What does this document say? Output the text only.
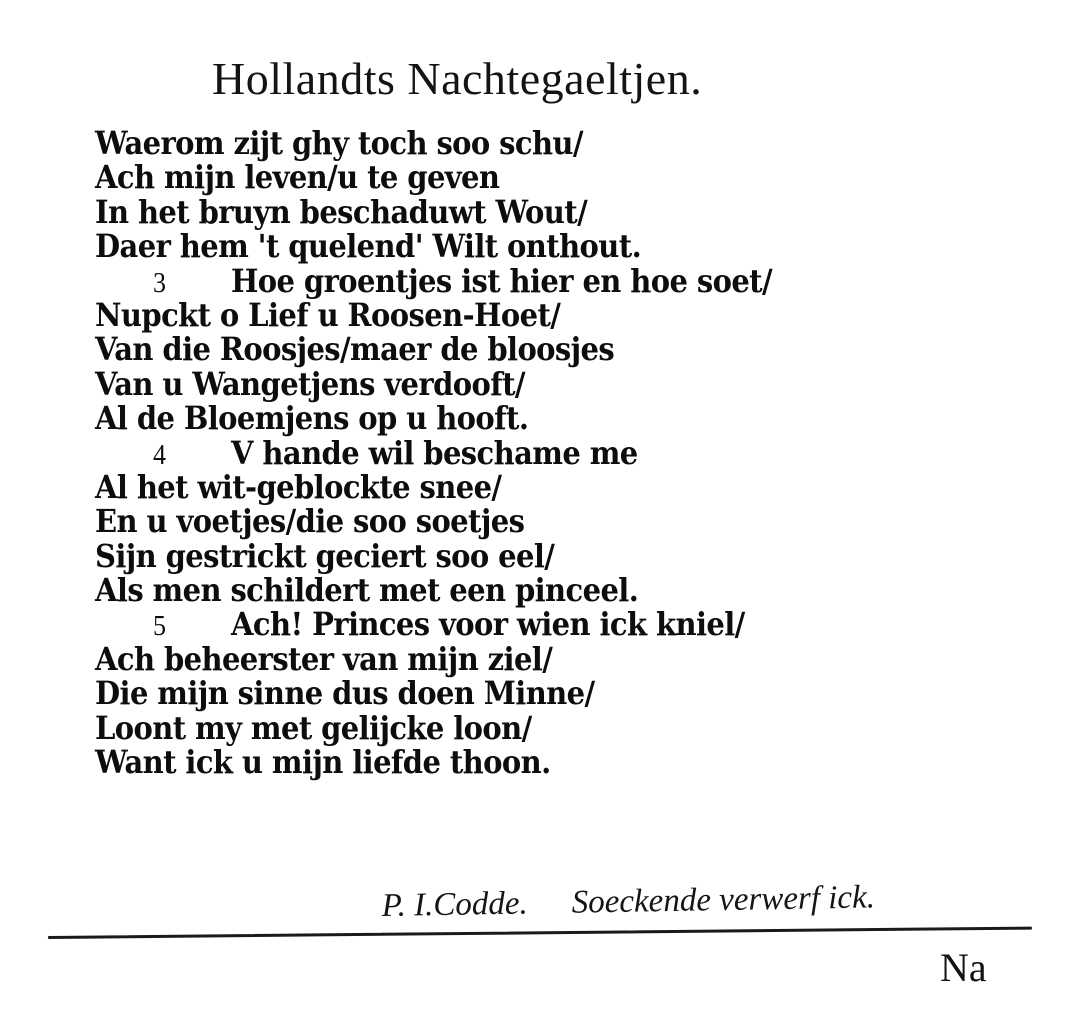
Hollandts Nachtegaeltjen.
Waerom zijt ghy toch soo schu/
Ach mijn leven/u te geven
In het bruyn beschaduwt Wout/
Daer hem 't quelend' Wilt onthout.
3 Hoe groentjes ist hier en hoe soet/
Nupckt o Lief u Roosen-Hoet/
Van die Roosjes/maer de bloosjes
Van u Wangetjens verdooft/
Al de Bloemjens op u hooft.
4 V hande wil beschame me
Al het wit-geblockte snee/
En u voetjes/die soo soetjes
Sijn gestrickt geciert soo eel/
Als men schildert met een pinceel.
5 Ach! Princes voor wien ick kniel/
Ach beheerster van mijn ziel/
Die mijn sinne dus doen Minne/
Loont my met gelijcke loon/
Want ick u mijn liefde thoon.
P. I.Codde. Soeckende verwerf ick.
Na
